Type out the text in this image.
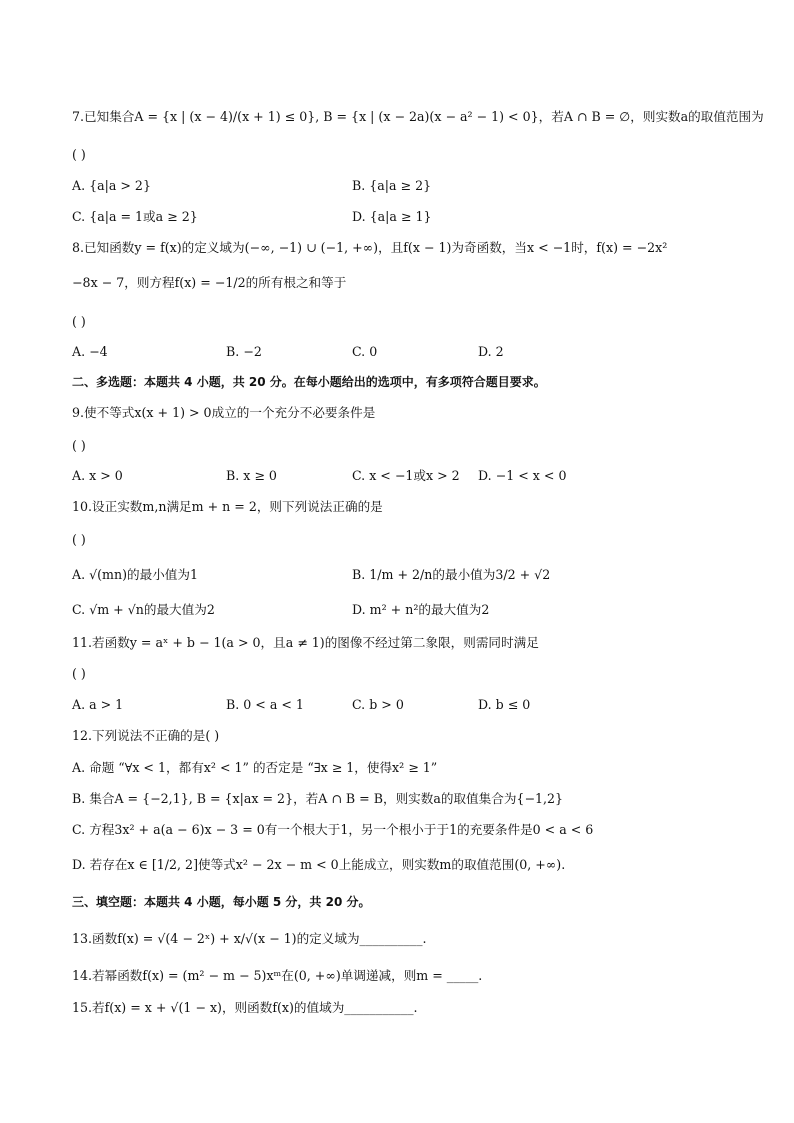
7.已知集合A = {x | (x − 4)/(x + 1) ≤ 0}, B = {x | (x − 2a)(x − a² − 1) < 0}，若A ∩ B = ∅，则实数a的取值范围为
( )
A. {a|a > 2}	B. {a|a ≥ 2}
C. {a|a = 1或a ≥ 2}	D. {a|a ≥ 1}
8.已知函数y = f(x)的定义域为(−∞, −1) ∪ (−1, +∞)，且f(x − 1)为奇函数，当x < −1时，f(x) = −2x²
−8x − 7，则方程f(x) = −1/2的所有根之和等于
( )
A. −4	B. −2	C. 0	D. 2
二、多选题：本题共 4 小题，共 20 分。在每小题给出的选项中，有多项符合题目要求。
9.使不等式x(x + 1) > 0成立的一个充分不必要条件是
( )
A. x > 0	B. x ≥ 0	C. x < −1或x > 2 D. −1 < x < 0
10.设正实数m,n满足m + n = 2，则下列说法正确的是
( )
A. √(mn)的最小值为1	B. 1/m + 2/n的最小值为3/2 + √2
C. √m + √n的最大值为2	D. m² + n²的最大值为2
11.若函数y = aˣ + b − 1(a > 0，且a ≠ 1)的图像不经过第二象限，则需同时满足
( )
A. a > 1	B. 0 < a < 1	C. b > 0	D. b ≤ 0
12.下列说法不正确的是( )
A. 命题 “∀x < 1，都有x² < 1” 的否定是 “∃x ≥ 1，使得x² ≥ 1”
B. 集合A = {−2,1}, B = {x|ax = 2}，若A ∩ B = B，则实数a的取值集合为{−1,2}
C. 方程3x² + a(a − 6)x − 3 = 0有一个根大于1，另一个根小于于1的充要条件是0 < a < 6
D. 若存在x ∈ [1/2, 2]使等式x² − 2x − m < 0上能成立，则实数m的取值范围(0, +∞).
三、填空题：本题共 4 小题，每小题 5 分，共 20 分。
13.函数f(x) = √(4 − 2ˣ) + x/√(x − 1)的定义域为__________.
14.若幂函数f(x) = (m² − m − 5)xᵐ在(0, +∞)单调递减，则m = _____.
15.若f(x) = x + √(1 − x)，则函数f(x)的值域为___________.
